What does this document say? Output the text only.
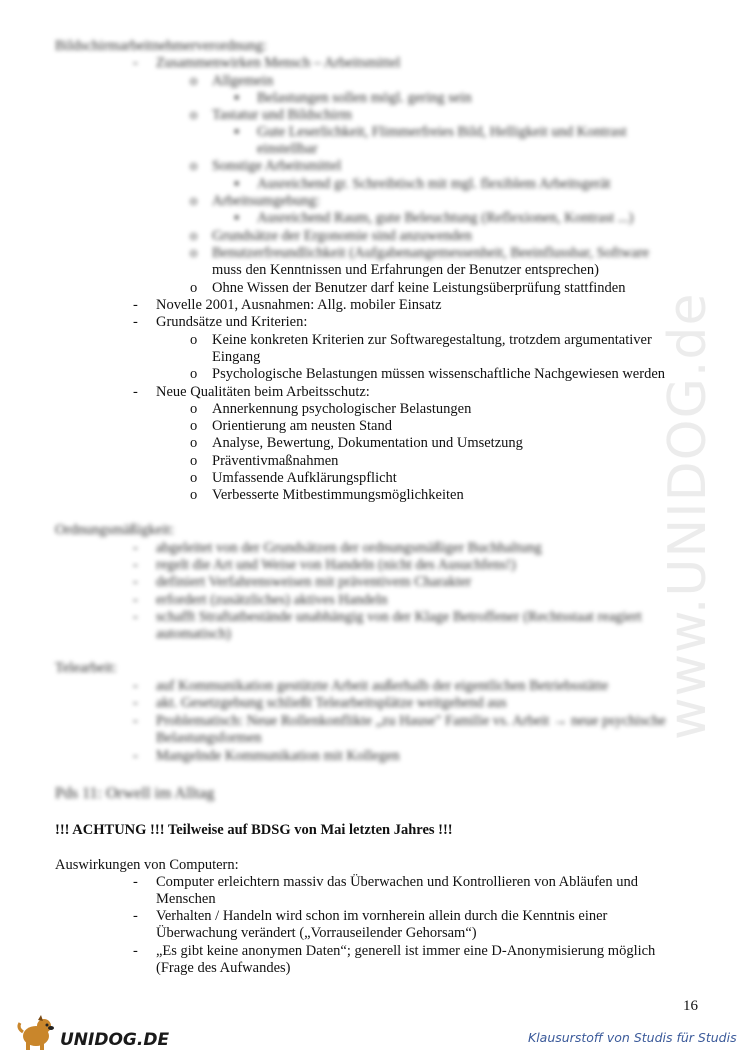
Bildschirmarbeitnehmerverordnung:
- Zusammenwirken Mensch – Arbeitsmittel
o Allgemein
▪ Belastungen sollen mögl. gering sein
o Tastatur und Bildschirm
▪ Gute Leserlichkeit, Flimmerfreies Bild, Helligkeit und Kontrast
einstellbar
o Sonstige Arbeitsmittel
▪ Ausreichend gr. Schreibtisch mit mgl. flexiblem Arbeitsgerät
o Arbeitsumgebung:
▪ Ausreichend Raum, gute Beleuchtung (Reflexionen, Kontrast ...)
o Grundsätze der Ergonomie sind anzuwenden
o Benutzerfreundlichkeit (Aufgabenangemessenheit, Beeinflussbar, Software
muss den Kenntnissen und Erfahrungen der Benutzer entsprechen)
o Ohne Wissen der Benutzer darf keine Leistungsüberprüfung stattfinden
- Novelle 2001, Ausnahmen: Allg. mobiler Einsatz
- Grundsätze und Kriterien:
o Keine konkreten Kriterien zur Softwaregestaltung, trotzdem argumentativer
Eingang
o Psychologische Belastungen müssen wissenschaftliche Nachgewiesen werden
- Neue Qualitäten beim Arbeitsschutz:
o Annerkennung psychologischer Belastungen
o Orientierung am neusten Stand
o Analyse, Bewertung, Dokumentation und Umsetzung
o Präventivmaßnahmen
o Umfassende Aufklärungspflicht
o Verbesserte Mitbestimmungsmöglichkeiten
Ordnungsmäßigkeit:
- abgeleitet von der Grundsätzen der ordnungsmäßiger Buchhaltung
- regelt die Art und Weise von Handeln (nicht des Ausuchfens!)
- definiert Verfahrensweisen mit präventivem Charakter
- erfordert (zusätzliches) aktives Handeln
- schafft Straftatbestände unabhängig von der Klage Betroffener (Rechtsstaat reagiert
automatisch)
Telearbeit:
- auf Kommunikation gestützte Arbeit außerhalb der eigentlichen Betriebsstätte
- akt. Gesetzgebung schließt Telearbeitsplätze weitgehend aus
- Problematisch: Neue Rollenkonflikte „zu Hause" Familie vs. Arbeit → neue psychische
Belastungsformen
- Mangelnde Kommunikation mit Kollegen
Pds 11: Orwell im Alltag
!!! ACHTUNG !!! Teilweise auf BDSG von Mai letzten Jahres !!!
Auswirkungen von Computern:
- Computer erleichtern massiv das Überwachen und Kontrollieren von Abläufen und
Menschen
- Verhalten / Handeln wird schon im vornherein allein durch die Kenntnis einer
Überwachung verändert („Vorrauseilender Gehorsam“)
- „Es gibt keine anonymen Daten“; generell ist immer eine D-Anonymisierung möglich
(Frage des Aufwandes)
www.UNIDOG.de
16
UNIDOG.DE	Klausurstoff von Studis für Studis
